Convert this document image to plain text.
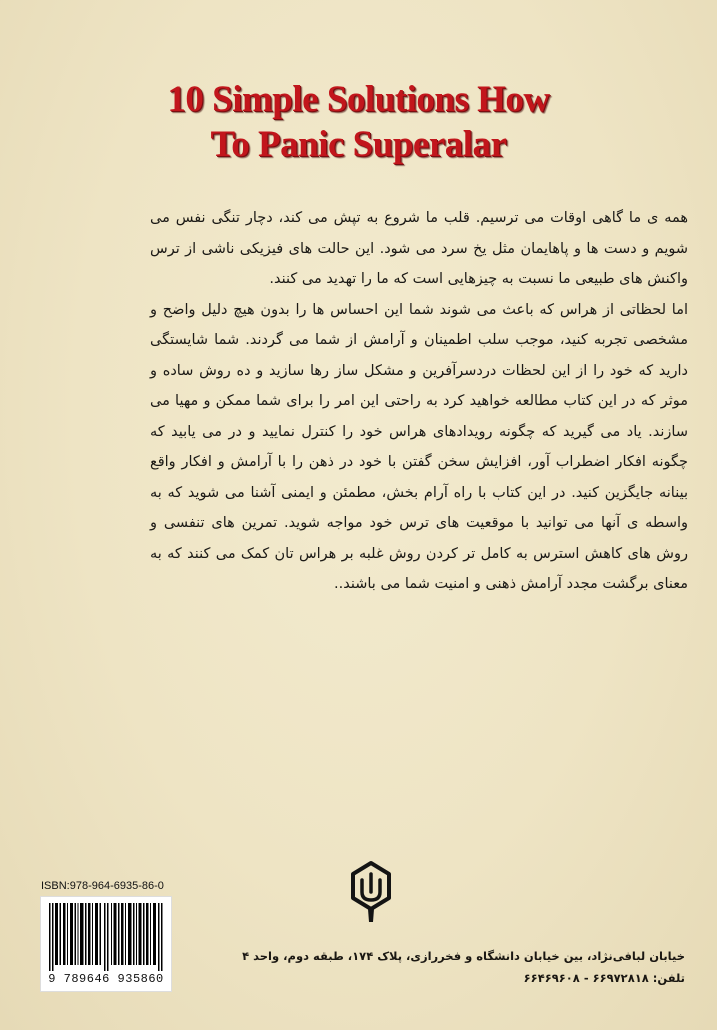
10 Simple Solutions How
To Panic Superalar

همه ی ما گاهی اوقات می ترسیم. قلب ما شروع به تپش می کند، دچار تنگی نفس می شویم و دست ها و پاهایمان مثل یخ سرد می شود. این حالت های فیزیکی ناشی از ترس واکنش های طبیعی ما نسبت به چیزهایی است که ما را تهدید می کنند.

اما لحظاتی از هراس که باعث می شوند شما این احساس ها را بدون هیچ دلیل واضح و مشخصی تجربه کنید، موجب سلب اطمینان و آرامش از شما می گردند. شما شایستگی دارید که خود را از این لحظات دردسرآفرین و مشکل ساز رها سازید و ده روش ساده و موثر که در این کتاب مطالعه خواهید کرد به راحتی این امر را برای شما ممکن و مهیا می سازند. یاد می گیرید که چگونه رویدادهای هراس خود را کنترل نمایید و در می یابید که چگونه افکار اضطراب آور، افزایش سخن گفتن با خود در ذهن را با آرامش و افکار واقع بینانه جایگزین کنید. در این کتاب با راه آرام بخش، مطمئن و ایمنی آشنا می شوید که به واسطه ی آنها می توانید با موقعیت های ترس خود مواجه شوید. تمرین های تنفسی و روش های کاهش استرس به کامل تر کردن روش غلبه بر هراس تان کمک می کنند که به معنای برگشت مجدد آرامش ذهنی و امنیت شما می باشند..

ISBN:978-964-6935-86-0
9 789646 935860
خیابان لبافی‌نژاد، بین خیابان دانشگاه و فخررازی، پلاک ۱۷۴، طبقه دوم، واحد ۴
تلفن: ۶۶۹۷۲۸۱۸ - ۶۶۴۶۹۶۰۸
